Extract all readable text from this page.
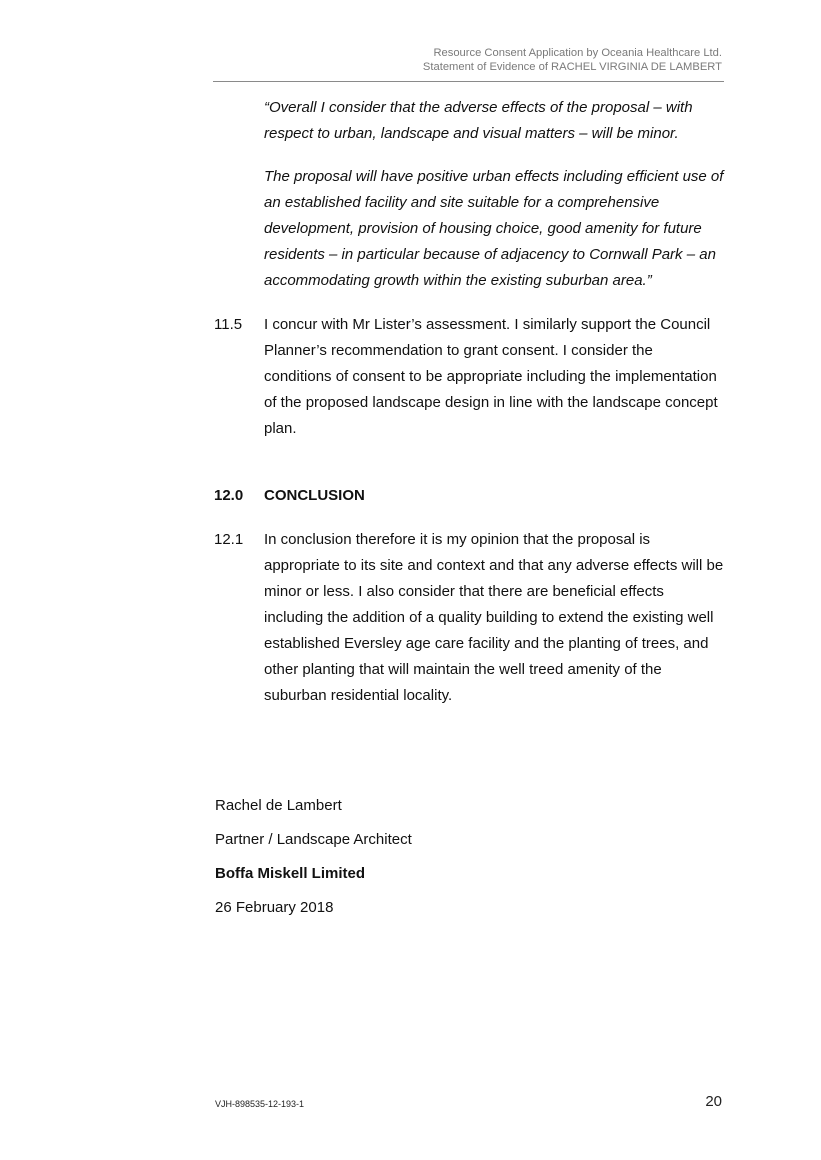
Resource Consent Application by Oceania Healthcare Ltd.
Statement of Evidence of RACHEL VIRGINIA DE LAMBERT

“Overall I consider that the adverse effects of the proposal – with respect to urban, landscape and visual matters – will be minor.

The proposal will have positive urban effects including efficient use of an established facility and site suitable for a comprehensive development, provision of housing choice, good amenity for future residents – in particular because of adjacency to Cornwall Park – an accommodating growth within the existing suburban area.”

11.5 I concur with Mr Lister’s assessment. I similarly support the Council Planner’s recommendation to grant consent. I consider the conditions of consent to be appropriate including the implementation of the proposed landscape design in line with the landscape concept plan.
12.0 CONCLUSION
12.1 In conclusion therefore it is my opinion that the proposal is appropriate to its site and context and that any adverse effects will be minor or less. I also consider that there are beneficial effects including the addition of a quality building to extend the existing well established Eversley age care facility and the planting of trees, and other planting that will maintain the well treed amenity of the suburban residential locality.
Rachel de Lambert
Partner / Landscape Architect
Boffa Miskell Limited
26 February 2018
VJH-898535-12-193-1	20
